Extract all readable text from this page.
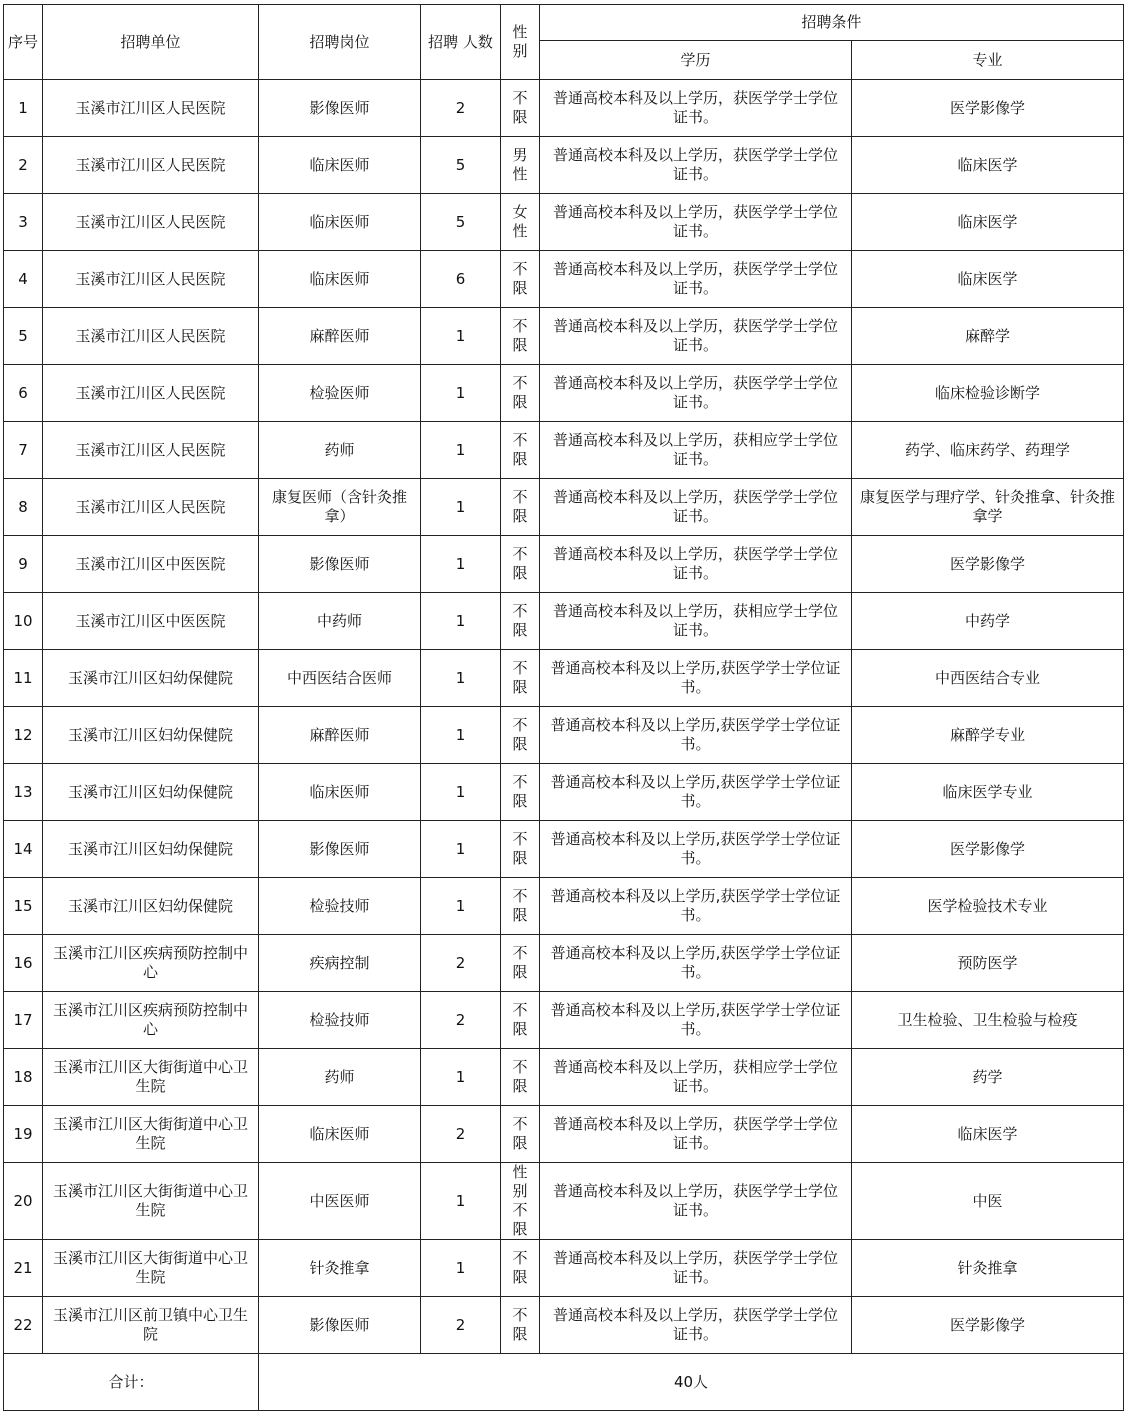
序号	招聘单位	招聘岗位	招聘 人数	性别	招聘条件	
					学历	专业
1	玉溪市江川区人民医院	影像医师	2	不限	普通高校本科及以上学历，获医学学士学位证书。	医学影像学
2	玉溪市江川区人民医院	临床医师	5	男性	普通高校本科及以上学历，获医学学士学位证书。	临床医学
3	玉溪市江川区人民医院	临床医师	5	女性	普通高校本科及以上学历，获医学学士学位证书。	临床医学
4	玉溪市江川区人民医院	临床医师	6	不限	普通高校本科及以上学历，获医学学士学位证书。	临床医学
5	玉溪市江川区人民医院	麻醉医师	1	不限	普通高校本科及以上学历，获医学学士学位证书。	麻醉学
6	玉溪市江川区人民医院	检验医师	1	不限	普通高校本科及以上学历，获医学学士学位证书。	临床检验诊断学
7	玉溪市江川区人民医院	药师	1	不限	普通高校本科及以上学历，获相应学士学位证书。	药学、临床药学、药理学
8	玉溪市江川区人民医院	康复医师（含针灸推拿）	1	不限	普通高校本科及以上学历，获医学学士学位证书。	康复医学与理疗学、针灸推拿、针灸推拿学
9	玉溪市江川区中医医院	影像医师	1	不限	普通高校本科及以上学历，获医学学士学位证书。	医学影像学
10	玉溪市江川区中医医院	中药师	1	不限	普通高校本科及以上学历，获相应学士学位证书。	中药学
11	玉溪市江川区妇幼保健院	中西医结合医师	1	不限	普通高校本科及以上学历,获医学学士学位证书。	中西医结合专业
12	玉溪市江川区妇幼保健院	麻醉医师	1	不限	普通高校本科及以上学历,获医学学士学位证书。	麻醉学专业
13	玉溪市江川区妇幼保健院	临床医师	1	不限	普通高校本科及以上学历,获医学学士学位证书。	临床医学专业
14	玉溪市江川区妇幼保健院	影像医师	1	不限	普通高校本科及以上学历,获医学学士学位证书。	医学影像学
15	玉溪市江川区妇幼保健院	检验技师	1	不限	普通高校本科及以上学历,获医学学士学位证书。	医学检验技术专业
16	玉溪市江川区疾病预防控制中心	疾病控制	2	不限	普通高校本科及以上学历,获医学学士学位证书。	预防医学
17	玉溪市江川区疾病预防控制中心	检验技师	2	不限	普通高校本科及以上学历,获医学学士学位证书。	卫生检验、卫生检验与检疫
18	玉溪市江川区大街街道中心卫生院	药师	1	不限	普通高校本科及以上学历，获相应学士学位证书。	药学
19	玉溪市江川区大街街道中心卫生院	临床医师	2	不限	普通高校本科及以上学历，获医学学士学位证书。	临床医学
20	玉溪市江川区大街街道中心卫生院	中医医师	1	性别不限	普通高校本科及以上学历，获医学学士学位证书。	中医
21	玉溪市江川区大街街道中心卫生院	针灸推拿	1	不限	普通高校本科及以上学历，获医学学士学位证书。	针灸推拿
22	玉溪市江川区前卫镇中心卫生院	影像医师	2	不限	普通高校本科及以上学历，获医学学士学位证书。	医学影像学
合计：		40人				
